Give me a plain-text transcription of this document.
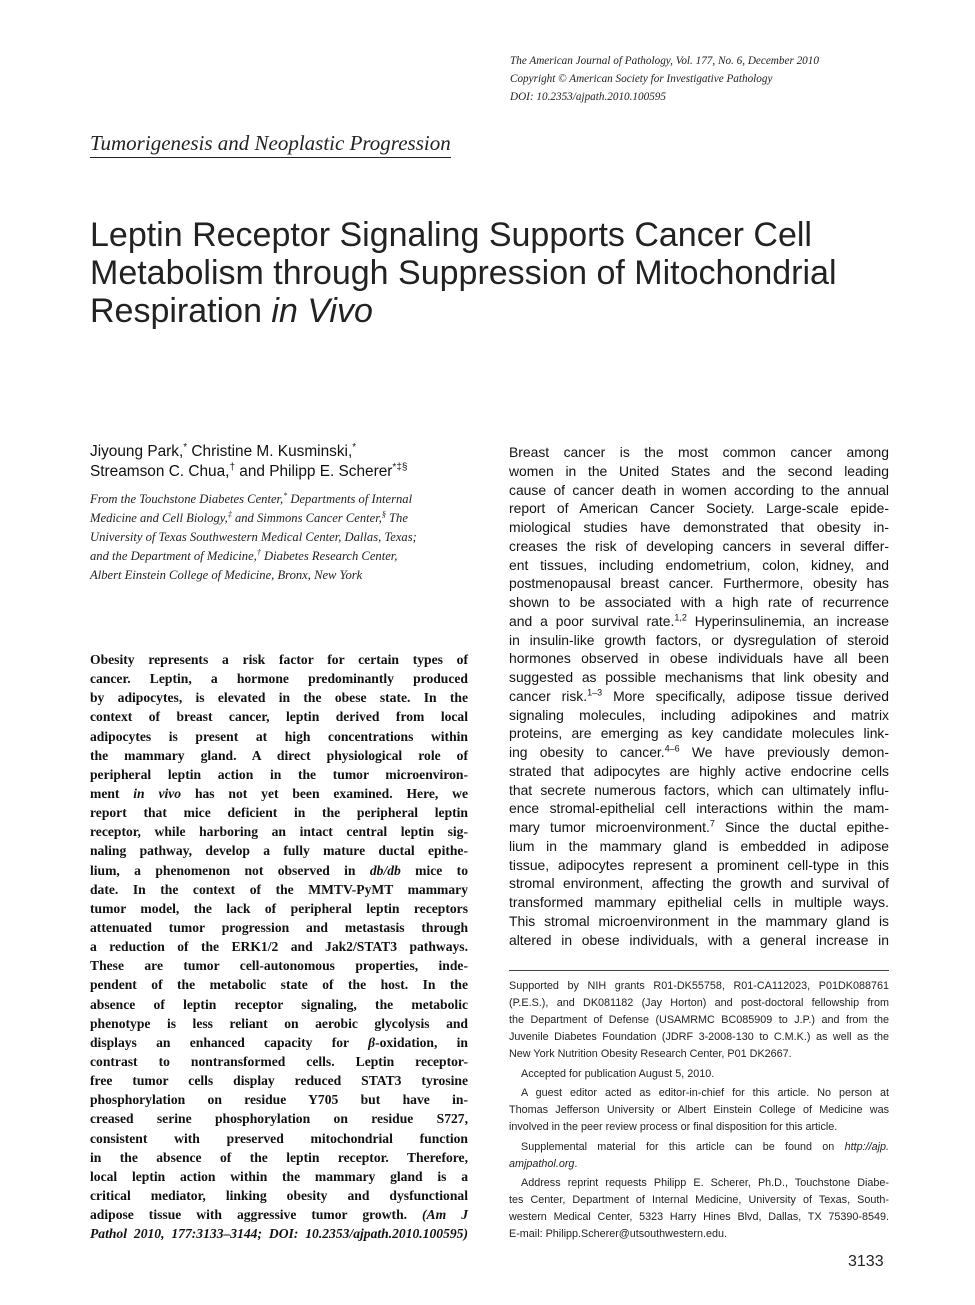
The American Journal of Pathology, Vol. 177, No. 6, December 2010
Copyright © American Society for Investigative Pathology
DOI: 10.2353/ajpath.2010.100595
Tumorigenesis and Neoplastic Progression
Leptin Receptor Signaling Supports Cancer Cell
Metabolism through Suppression of Mitochondrial
Respiration in Vivo
Jiyoung Park,* Christine M. Kusminski,*
Streamson C. Chua,† and Philipp E. Scherer*‡§
From the Touchstone Diabetes Center,* Departments of Internal
Medicine and Cell Biology,‡ and Simmons Cancer Center,§ The
University of Texas Southwestern Medical Center, Dallas, Texas;
and the Department of Medicine,† Diabetes Research Center,
Albert Einstein College of Medicine, Bronx, New York
Obesity represents a risk factor for certain types of
cancer. Leptin, a hormone predominantly produced
by adipocytes, is elevated in the obese state. In the
context of breast cancer, leptin derived from local
adipocytes is present at high concentrations within
the mammary gland. A direct physiological role of
peripheral leptin action in the tumor microenviron-
ment in vivo has not yet been examined. Here, we
report that mice deficient in the peripheral leptin
receptor, while harboring an intact central leptin sig-
naling pathway, develop a fully mature ductal epithe-
lium, a phenomenon not observed in db/db mice to
date. In the context of the MMTV-PyMT mammary
tumor model, the lack of peripheral leptin receptors
attenuated tumor progression and metastasis through
a reduction of the ERK1/2 and Jak2/STAT3 pathways.
These are tumor cell-autonomous properties, inde-
pendent of the metabolic state of the host. In the
absence of leptin receptor signaling, the metabolic
phenotype is less reliant on aerobic glycolysis and
displays an enhanced capacity for β-oxidation, in
contrast to nontransformed cells. Leptin receptor-
free tumor cells display reduced STAT3 tyrosine
phosphorylation on residue Y705 but have in-
creased serine phosphorylation on residue S727,
consistent with preserved mitochondrial function
in the absence of the leptin receptor. Therefore,
local leptin action within the mammary gland is a
critical mediator, linking obesity and dysfunctional
adipose tissue with aggressive tumor growth. (Am J
Pathol 2010, 177:3133–3144; DOI: 10.2353/ajpath.2010.100595)
Breast cancer is the most common cancer among
women in the United States and the second leading
cause of cancer death in women according to the annual
report of American Cancer Society. Large-scale epide-
miological studies have demonstrated that obesity in-
creases the risk of developing cancers in several differ-
ent tissues, including endometrium, colon, kidney, and
postmenopausal breast cancer. Furthermore, obesity has
shown to be associated with a high rate of recurrence
and a poor survival rate.$^{1,2}$ Hyperinsulinemia, an increase
in insulin-like growth factors, or dysregulation of steroid
hormones observed in obese individuals have all been
suggested as possible mechanisms that link obesity and
cancer risk.$^{1-3}$ More specifically, adipose tissue derived
signaling molecules, including adipokines and matrix
proteins, are emerging as key candidate molecules link-
ing obesity to cancer.$^{4-6}$ We have previously demon-
strated that adipocytes are highly active endocrine cells
that secrete numerous factors, which can ultimately influ-
ence stromal-epithelial cell interactions within the mam-
mary tumor microenvironment.$^7$ Since the ductal epithe-
lium in the mammary gland is embedded in adipose
tissue, adipocytes represent a prominent cell-type in this
stromal environment, affecting the growth and survival of
transformed mammary epithelial cells in multiple ways.
This stromal microenvironment in the mammary gland is
altered in obese individuals, with a general increase in
Supported by NIH grants R01-DK55758, R01-CA112023, P01DK088761
(P.E.S.), and DK081182 (Jay Horton) and post-doctoral fellowship from
the Department of Defense (USAMRMC BC085909 to J.P.) and from the
Juvenile Diabetes Foundation (JDRF 3-2008-130 to C.M.K.) as well as the
New York Nutrition Obesity Research Center, P01 DK2667.
Accepted for publication August 5, 2010.
A guest editor acted as editor-in-chief for this article. No person at
Thomas Jefferson University or Albert Einstein College of Medicine was
involved in the peer review process or final disposition for this article.
Supplemental material for this article can be found on http://ajp.
amjpathol.org.
Address reprint requests Philipp E. Scherer, Ph.D., Touchstone Diabe-
tes Center, Department of Internal Medicine, University of Texas, South-
western Medical Center, 5323 Harry Hines Blvd, Dallas, TX 75390-8549.
E-mail: Philipp.Scherer@utsouthwestern.edu.
3133
